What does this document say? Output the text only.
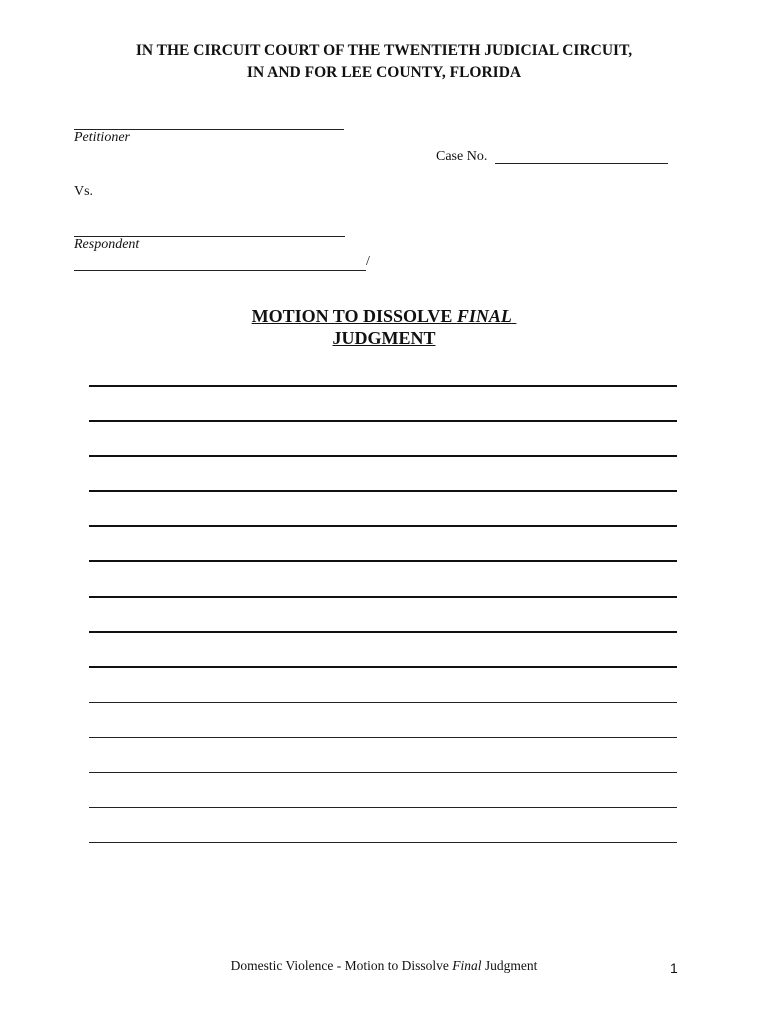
IN THE CIRCUIT COURT OF THE TWENTIETH JUDICIAL CIRCUIT,
IN AND FOR LEE COUNTY, FLORIDA
Petitioner
Case No.
Vs.
Respondent
/
MOTION TO DISSOLVE FINAL
JUDGMENT
Domestic Violence - Motion to Dissolve Final Judgment	1
